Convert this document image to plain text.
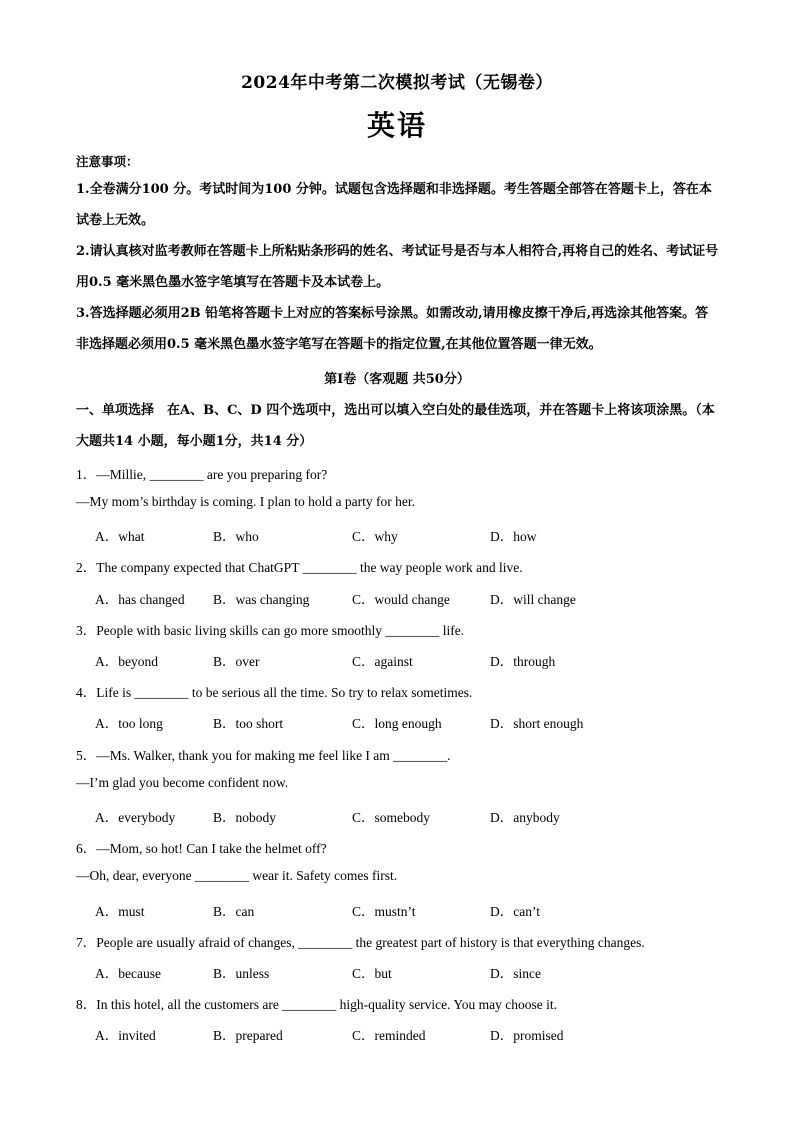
2024年中考第二次模拟考试（无锡卷）
英语
注意事项：
1.全卷满分100 分。考试时间为100 分钟。试题包含选择题和非选择题。考生答题全部答在答题卡上，答在本试卷上无效。
2.请认真核对监考教师在答题卡上所粘贴条形码的姓名、考试证号是否与本人相符合,再将自己的姓名、考试证号用0.5 毫米黑色墨水签字笔填写在答题卡及本试卷上。
3.答选择题必须用2B 铅笔将答题卡上对应的答案标号涂黑。如需改动,请用橡皮擦干净后,再选涂其他答案。答非选择题必须用0.5 毫米黑色墨水签字笔写在答题卡的指定位置,在其他位置答题一律无效。
第I卷（客观题 共50分）
一、单项选择　在A、B、C、D 四个选项中，选出可以填入空白处的最佳选项，并在答题卡上将该项涂黑。（本大题共14 小题，每小题1分，共14 分）
1．—Millie, ________ are you preparing for?
—My mom’s birthday is coming. I plan to hold a party for her.
A．what	B．who	C．why	D．how
2．The company expected that ChatGPT ________ the way people work and live.
A．has changed B．was changing	C．would change	D．will change
3．People with basic living skills can go more smoothly ________ life.
A．beyond	B．over	C．against	D．through
4．Life is ________ to be serious all the time. So try to relax sometimes.
A．too long	B．too short	C．long enough	D．short enough
5．—Ms. Walker, thank you for making me feel like I am ________.
—I’m glad you become confident now.
A．everybody	B．nobody	C．somebody	D．anybody
6．—Mom, so hot! Can I take the helmet off?
—Oh, dear, everyone ________ wear it. Safety comes first.
A．must	B．can	C．mustn’t	D．can’t
7．People are usually afraid of changes, ________ the greatest part of history is that everything changes.
A．because	B．unless	C．but	D．since
8．In this hotel, all the customers are ________ high-quality service. You may choose it.
A．invited	B．prepared	C．reminded	D．promised
